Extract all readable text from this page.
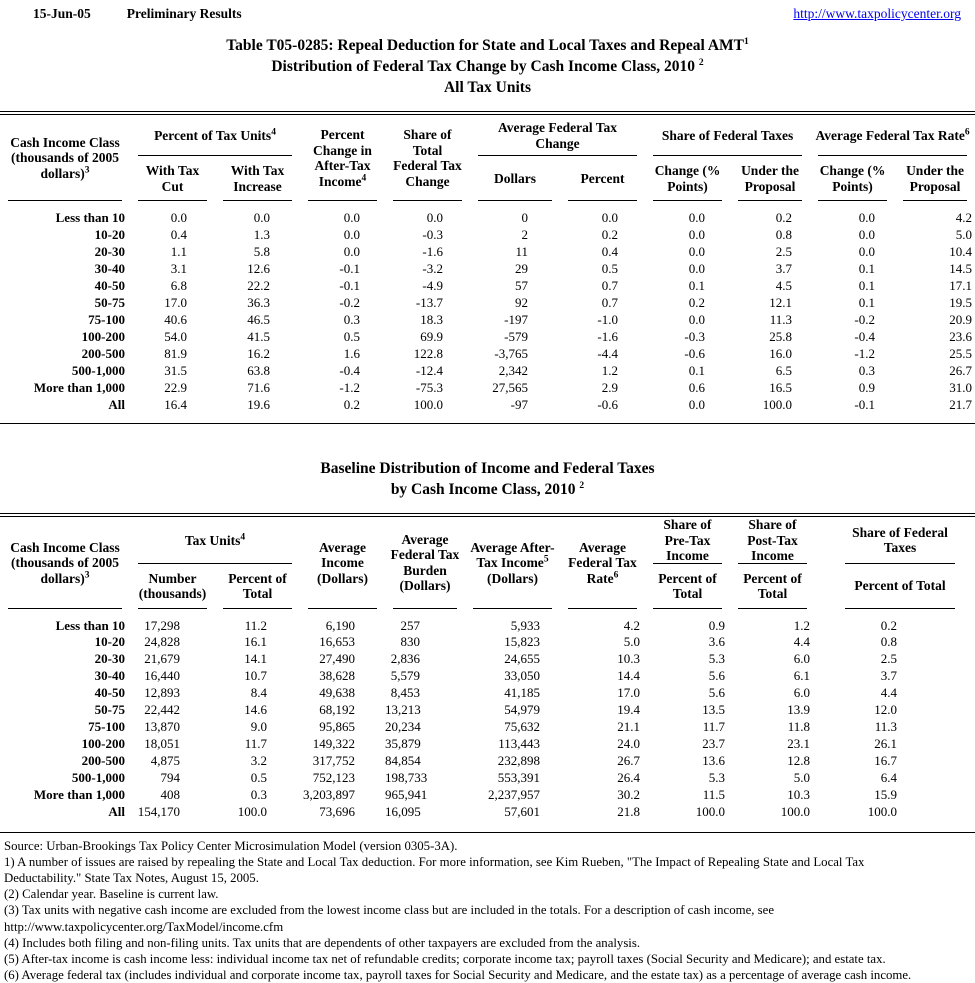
15-Jun-05	Preliminary Results	http://www.taxpolicycenter.org
Table T05-0285: Repeal Deduction for State and Local Taxes and Repeal AMT$^1$
Distribution of Federal Tax Change by Cash Income Class, 2010 $^2$
All Tax Units
Cash Income Class (thousands of 2005 dollars)$^3$	Percent of Tax Units$^4$		Percent Change in After-Tax Income$^4$	Share of Total Federal Tax Change	Average Federal Tax Change		Share of Federal Taxes		Average Federal Tax Rate$^6$
	With Tax Cut	With Tax Increase			Dollars	Percent	Change (% Points)	Under the Proposal	Change (% Points)	Under the Proposal
Less than 10	0.0	0.0	0.0	0.0	0	0.0	0.0	0.2	0.0	4.2
10-20	0.4	1.3	0.0	-0.3	2	0.2	0.0	0.8	0.0	5.0
20-30	1.1	5.8	0.0	-1.6	11	0.4	0.0	2.5	0.0	10.4
30-40	3.1	12.6	-0.1	-3.2	29	0.5	0.0	3.7	0.1	14.5
40-50	6.8	22.2	-0.1	-4.9	57	0.7	0.1	4.5	0.1	17.1
50-75	17.0	36.3	-0.2	-13.7	92	0.7	0.2	12.1	0.1	19.5
75-100	40.6	46.5	0.3	18.3	-197	-1.0	0.0	11.3	-0.2	20.9
100-200	54.0	41.5	0.5	69.9	-579	-1.6	-0.3	25.8	-0.4	23.6
200-500	81.9	16.2	1.6	122.8	-3,765	-4.4	-0.6	16.0	-1.2	25.5
500-1,000	31.5	63.8	-0.4	-12.4	2,342	1.2	0.1	6.5	0.3	26.7
More than 1,000	22.9	71.6	-1.2	-75.3	27,565	2.9	0.6	16.5	0.9	31.0
All	16.4	19.6	0.2	100.0	-97	-0.6	0.0	100.0	-0.1	21.7
Baseline Distribution of Income and Federal Taxes
by Cash Income Class, 2010 $^2$
Cash Income Class (thousands of 2005 dollars)$^3$	Tax Units$^4$		Average Income (Dollars)	Average Federal Tax Burden (Dollars)	Average After-Tax Income$^5$ (Dollars)	Average Federal Tax Rate$^6$	Share of Pre-Tax Income	Share of Post-Tax Income	Share of Federal Taxes
	Number (thousands)	Percent of Total					Percent of Total	Percent of Total	Percent of Total
Less than 10	17,298	11.2	6,190	257	5,933	4.2	0.9	1.2	0.2
10-20	24,828	16.1	16,653	830	15,823	5.0	3.6	4.4	0.8
20-30	21,679	14.1	27,490	2,836	24,655	10.3	5.3	6.0	2.5
30-40	16,440	10.7	38,628	5,579	33,050	14.4	5.6	6.1	3.7
40-50	12,893	8.4	49,638	8,453	41,185	17.0	5.6	6.0	4.4
50-75	22,442	14.6	68,192	13,213	54,979	19.4	13.5	13.9	12.0
75-100	13,870	9.0	95,865	20,234	75,632	21.1	11.7	11.8	11.3
100-200	18,051	11.7	149,322	35,879	113,443	24.0	23.7	23.1	26.1
200-500	4,875	3.2	317,752	84,854	232,898	26.7	13.6	12.8	16.7
500-1,000	794	0.5	752,123	198,733	553,391	26.4	5.3	5.0	6.4
More than 1,000	408	0.3	3,203,897	965,941	2,237,957	30.2	11.5	10.3	15.9
All	154,170	100.0	73,696	16,095	57,601	21.8	100.0	100.0	100.0
Source: Urban-Brookings Tax Policy Center Microsimulation Model (version 0305-3A).
1) A number of issues are raised by repealing the State and Local Tax deduction. For more information, see Kim Rueben, "The Impact of Repealing State and Local Tax
Deductability." State Tax Notes, August 15, 2005.
(2) Calendar year. Baseline is current law.
(3) Tax units with negative cash income are excluded from the lowest income class but are included in the totals. For a description of cash income, see
http://www.taxpolicycenter.org/TaxModel/income.cfm
(4) Includes both filing and non-filing units. Tax units that are dependents of other taxpayers are excluded from the analysis.
(5) After-tax income is cash income less: individual income tax net of refundable credits; corporate income tax; payroll taxes (Social Security and Medicare); and estate tax.
(6) Average federal tax (includes individual and corporate income tax, payroll taxes for Social Security and Medicare, and the estate tax) as a percentage of average cash income.
